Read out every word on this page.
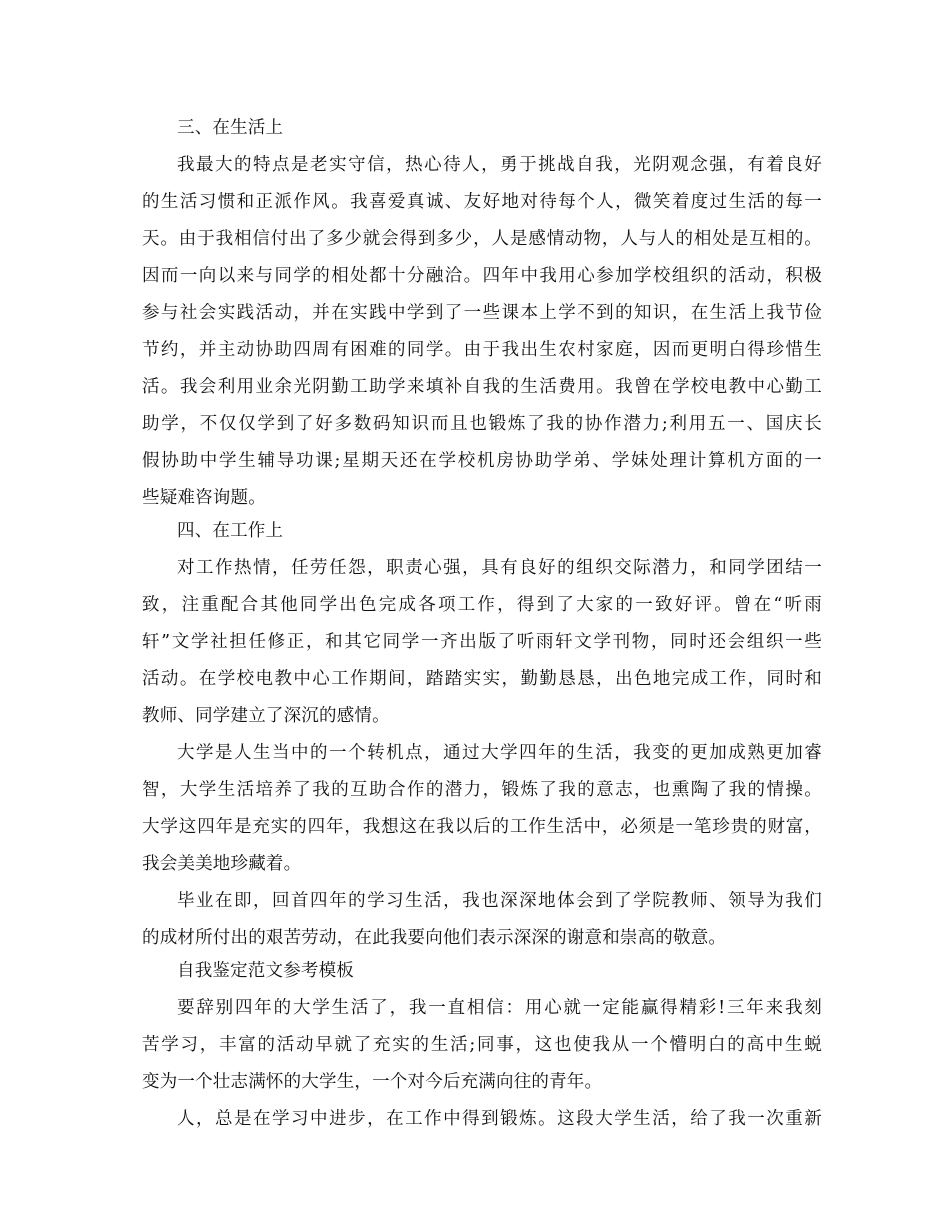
三、在生活上
我最大的特点是老实守信，热心待人，勇于挑战自我，光阴观念强，有着良好
的生活习惯和正派作风。我喜爱真诚、友好地对待每个人，微笑着度过生活的每一
天。由于我相信付出了多少就会得到多少，人是感情动物，人与人的相处是互相的。
因而一向以来与同学的相处都十分融洽。四年中我用心参加学校组织的活动，积极
参与社会实践活动，并在实践中学到了一些课本上学不到的知识，在生活上我节俭
节约，并主动协助四周有困难的同学。由于我出生农村家庭，因而更明白得珍惜生
活。我会利用业余光阴勤工助学来填补自我的生活费用。我曾在学校电教中心勤工
助学，不仅仅学到了好多数码知识而且也锻炼了我的协作潜力;利用五一、国庆长
假协助中学生辅导功课;星期天还在学校机房协助学弟、学妹处理计算机方面的一
些疑难咨询题。
四、在工作上
对工作热情，任劳任怨，职责心强，具有良好的组织交际潜力，和同学团结一
致，注重配合其他同学出色完成各项工作，得到了大家的一致好评。曾在“听雨
轩”文学社担任修正，和其它同学一齐出版了听雨轩文学刊物，同时还会组织一些
活动。在学校电教中心工作期间，踏踏实实，勤勤恳恳，出色地完成工作，同时和
教师、同学建立了深沉的感情。
大学是人生当中的一个转机点，通过大学四年的生活，我变的更加成熟更加睿
智，大学生活培养了我的互助合作的潜力，锻炼了我的意志，也熏陶了我的情操。
大学这四年是充实的四年，我想这在我以后的工作生活中，必须是一笔珍贵的财富，
我会美美地珍藏着。
毕业在即，回首四年的学习生活，我也深深地体会到了学院教师、领导为我们
的成材所付出的艰苦劳动，在此我要向他们表示深深的谢意和崇高的敬意。
自我鉴定范文参考模板
要辞别四年的大学生活了，我一直相信：用心就一定能赢得精彩!三年来我刻
苦学习，丰富的活动早就了充实的生活;同事，这也使我从一个懵明白的高中生蜕
变为一个壮志满怀的大学生，一个对今后充满向往的青年。
人，总是在学习中进步，在工作中得到锻炼。这段大学生活，给了我一次重新
